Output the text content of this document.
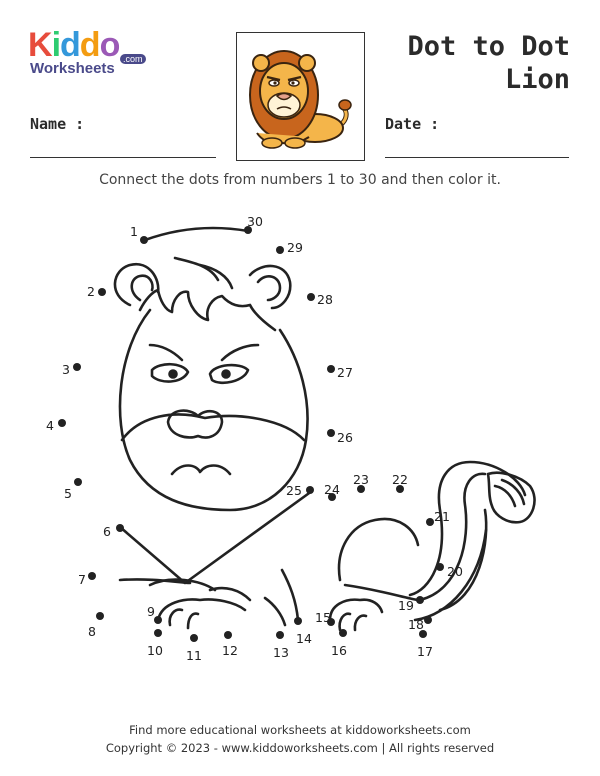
Kiddo
Worksheets
.com	Dot to Dot
Lion
Name :	Date :
Connect the dots from numbers 1 to 30 and then color it.
1
2
3
4
5
6
7
8
9
10 11 12	13
14
15
16	17
18
19
20
21
22
23
24
25
26
27
28
29
30
Find more educational worksheets at kiddoworksheets.com
Copyright © 2023 - www.kiddoworksheets.com | All rights reserved
